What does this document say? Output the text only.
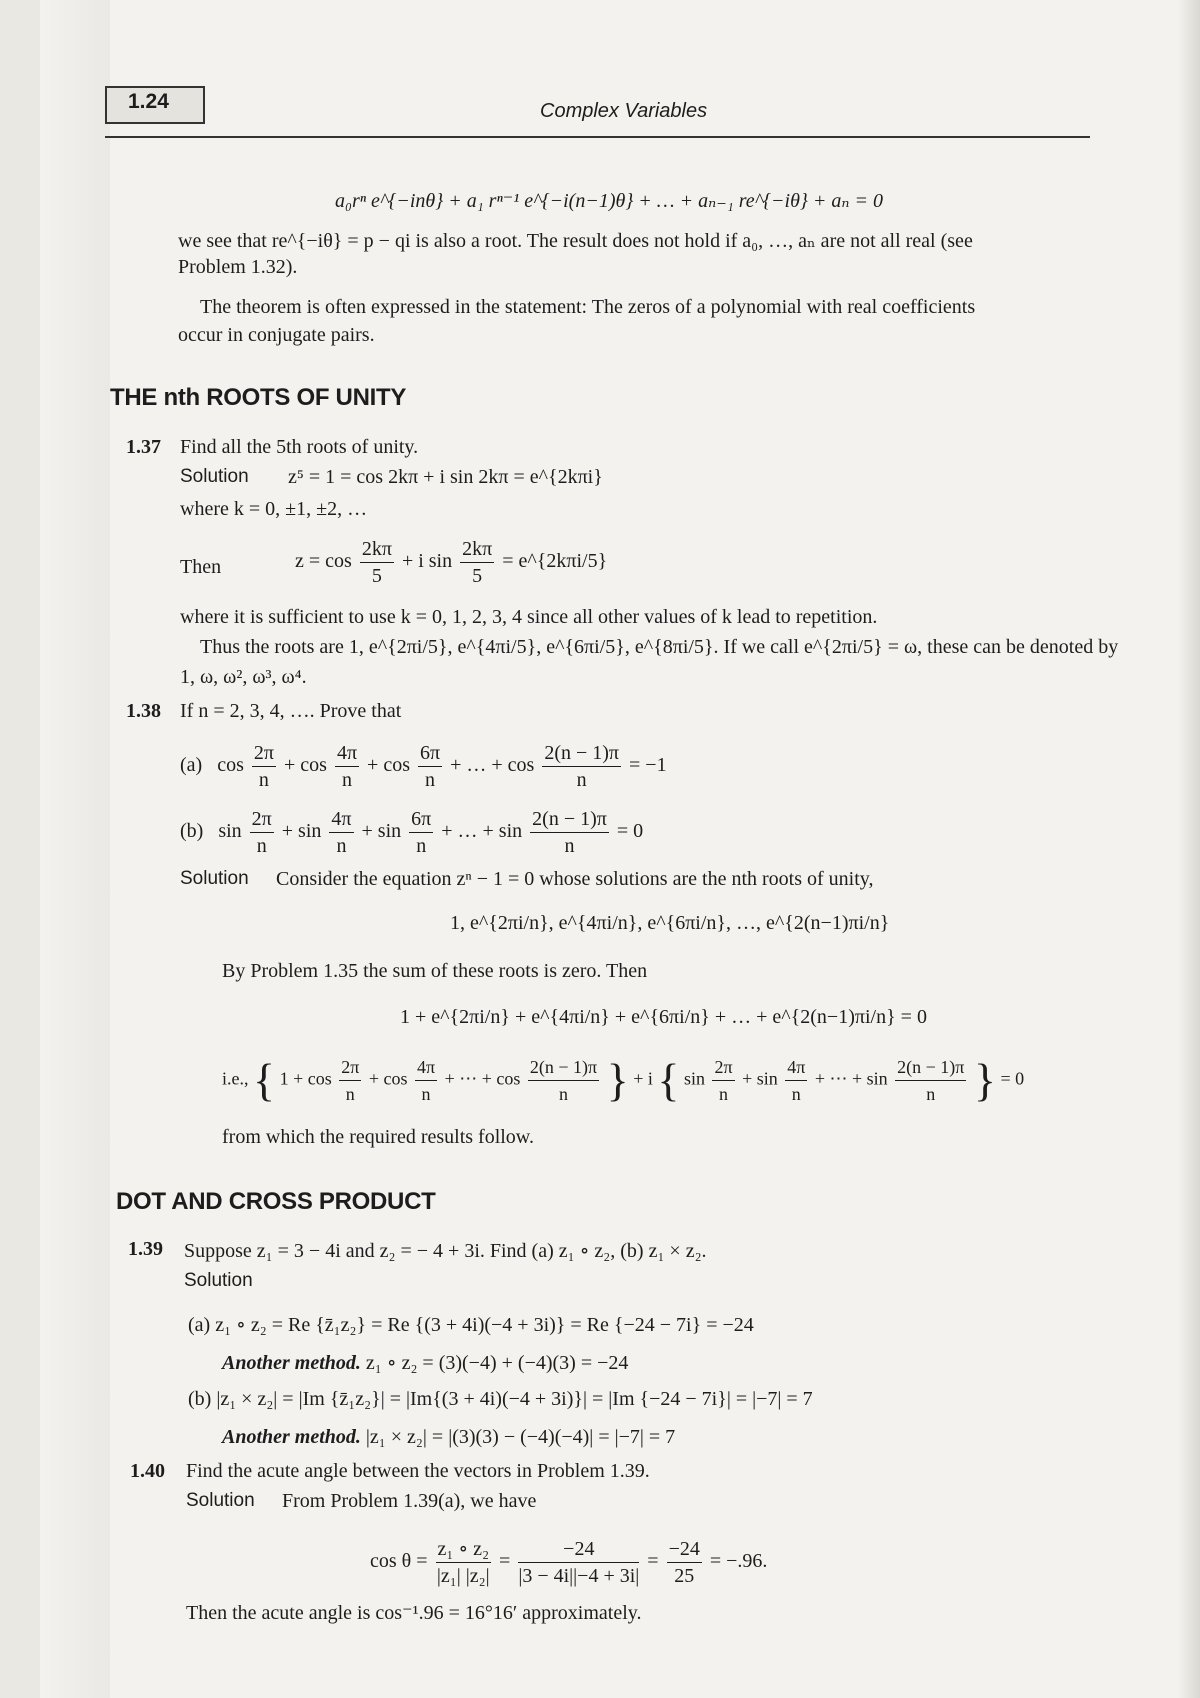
1.24	Complex Variables
a₀rⁿ e^{−inθ} + a₁ rⁿ⁻¹ e^{−i(n−1)θ} + … + aₙ₋₁ re^{−iθ} + aₙ = 0
we see that re^{−iθ} = p − qi is also a root. The result does not hold if a₀, …, aₙ are not all real (see
Problem 1.32).
The theorem is often expressed in the statement: The zeros of a polynomial with real coefficients
occur in conjugate pairs.
THE nth ROOTS OF UNITY
1.37 Find all the 5th roots of unity.
Solution z⁵ = 1 = cos 2kπ + i sin 2kπ = e^{2kπi}
where k = 0, ±1, ±2, …
Then	$z = \cos \frac{2k\pi}{5} + i$ $\sin \frac{2k\pi}{5}$ = e^{2kπi/5}
where it is sufficient to use k = 0, 1, 2, 3, 4 since all other values of k lead to repetition.
Thus the roots are 1, e^{2πi/5}, e^{4πi/5}, e^{6πi/5}, e^{8πi/5}. If we call e^{2πi/5} = ω, these can be denoted by
1, ω, ω², ω³, ω⁴.
1.38 If n = 2, 3, 4, …. Prove that
(a) $\cos \frac{2\pi}{n} + \cos \frac{4\pi}{n} + \cos \frac{6\pi}{n}$ + … + $\cos \frac{2(n - 1)\pi}{n} = -1$
(b) $\sin \frac{2\pi}{n} + \sin \frac{4\pi}{n} + \sin \frac{6\pi}{n}$ + … + $\sin \frac{2(n - 1)\pi}{n} = 0$
Solution Consider the equation zⁿ − 1 = 0 whose solutions are the nth roots of unity,
1, e^{2πi/n}, e^{4πi/n}, e^{6πi/n}, …, e^{2(n−1)πi/n}
By Problem 1.35 the sum of these roots is zero. Then
1 + e^{2πi/n} + e^{4πi/n} + e^{6πi/n} + … + e^{2(n−1)πi/n} = 0
i.e., { $1 + \cos \frac{2\pi}{n} + \cos \frac{4\pi}{n}$ + ⋯ + $\cos \frac{2(n - 1)\pi}{n}$ } + i { $\sin \frac{2\pi}{n} + \sin \frac{4\pi}{n}$ + ⋯ + $\sin \frac{2(n - 1)\pi}{n}$ } = 0
from which the required results follow.
DOT AND CROSS PRODUCT
1.39 Suppose z₁ = 3 − 4i and z₂ = − 4 + 3i. Find (a) z₁ ∘ z₂, (b) z₁ × z₂.
Solution
(a) z₁ ∘ z₂ = Re {z̄₁z₂} = Re {(3 + 4i)(−4 + 3i)} = Re {−24 − 7i} = −24
Another method. z₁ ∘ z₂ = (3)(−4) + (−4)(3) = −24
(b) |z₁ × z₂| = |Im {z̄₁z₂}| = |Im{(3 + 4i)(−4 + 3i)}| = |Im {−24 − 7i}| = |−7| = 7
Another method. |z₁ × z₂| = |(3)(3) − (−4)(−4)| = |−7| = 7
1.40 Find the acute angle between the vectors in Problem 1.39.
Solution From Problem 1.39(a), we have
$\cos \theta = \frac{\text{z₁ ∘ z₂}}{\text{|z₁| |z₂|}} = \frac{-24}{|3 - 4i||-4 + 3i|} = \frac{-24}{25} = -.96$.
Then the acute angle is cos⁻¹.96 = 16°16′ approximately.
